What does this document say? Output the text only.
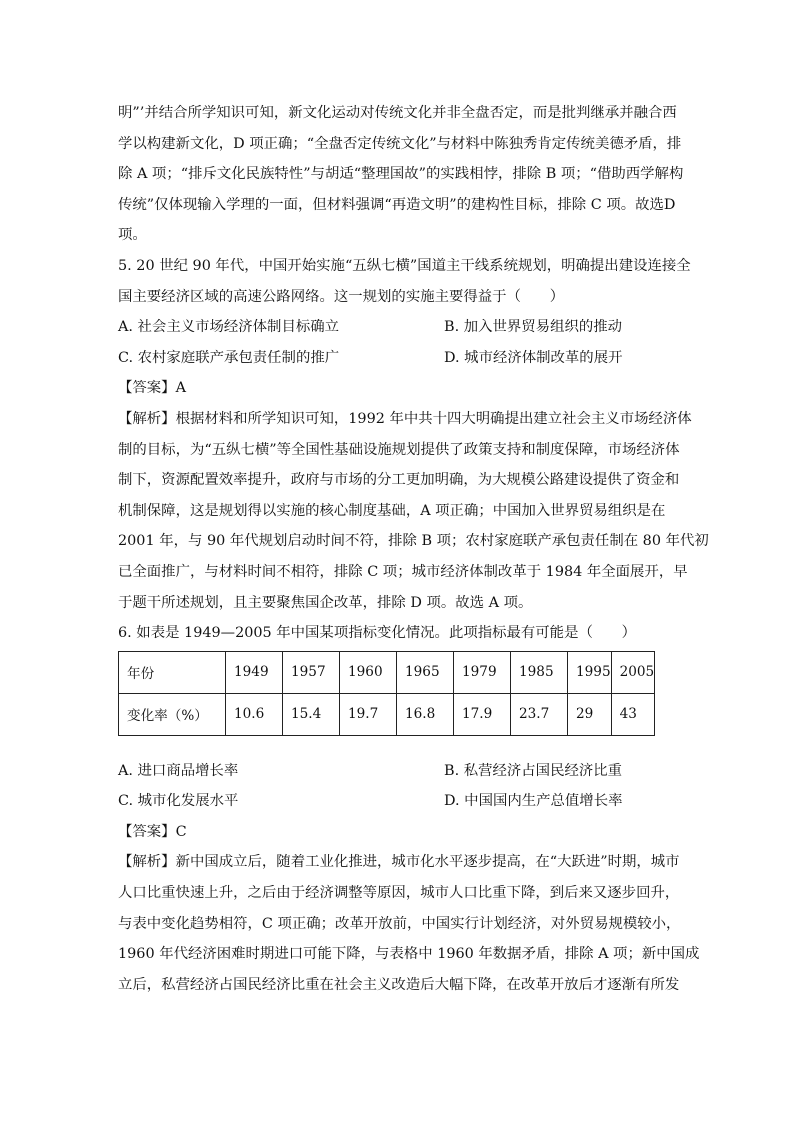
明”’并结合所学知识可知，新文化运动对传统文化并非全盘否定，而是批判继承并融合西
学以构建新文化，D 项正确；“全盘否定传统文化”与材料中陈独秀肯定传统美德矛盾，排
除 A 项；“排斥文化民族特性”与胡适“整理国故”的实践相悖，排除 B 项；“借助西学解构
传统”仅体现输入学理的一面，但材料强调“再造文明”的建构性目标，排除 C 项。故选D
项。
5. 20 世纪 90 年代，中国开始实施“五纵七横”国道主干线系统规划，明确提出建设连接全
国主要经济区域的高速公路网络。这一规划的实施主要得益于（　　）
A. 社会主义市场经济体制目标确立	B. 加入世界贸易组织的推动
C. 农村家庭联产承包责任制的推广	D. 城市经济体制改革的展开
【答案】A
【解析】根据材料和所学知识可知，1992 年中共十四大明确提出建立社会主义市场经济体
制的目标，为“五纵七横”等全国性基础设施规划提供了政策支持和制度保障，市场经济体
制下，资源配置效率提升，政府与市场的分工更加明确，为大规模公路建设提供了资金和
机制保障，这是规划得以实施的核心制度基础，A 项正确；中国加入世界贸易组织是在
2001 年，与 90 年代规划启动时间不符，排除 B 项；农村家庭联产承包责任制在 80 年代初
已全面推广，与材料时间不相符，排除 C 项；城市经济体制改革于 1984 年全面展开，早
于题干所述规划，且主要聚焦国企改革，排除 D 项。故选 A 项。
6. 如表是 1949—2005 年中国某项指标变化情况。此项指标最有可能是（　　）
年份	1949	1957	1960	1965	1979	1985	1995	2005
变化率（%）	10.6	15.4	19.7	16.8	17.9	23.7	29	43
A. 进口商品增长率	B. 私营经济占国民经济比重
C. 城市化发展水平	D. 中国国内生产总值增长率
【答案】C
【解析】新中国成立后，随着工业化推进，城市化水平逐步提高，在“大跃进”时期，城市
人口比重快速上升，之后由于经济调整等原因，城市人口比重下降，到后来又逐步回升，
与表中变化趋势相符，C 项正确；改革开放前，中国实行计划经济，对外贸易规模较小，
1960 年代经济困难时期进口可能下降，与表格中 1960 年数据矛盾，排除 A 项；新中国成
立后，私营经济占国民经济比重在社会主义改造后大幅下降，在改革开放后才逐渐有所发
